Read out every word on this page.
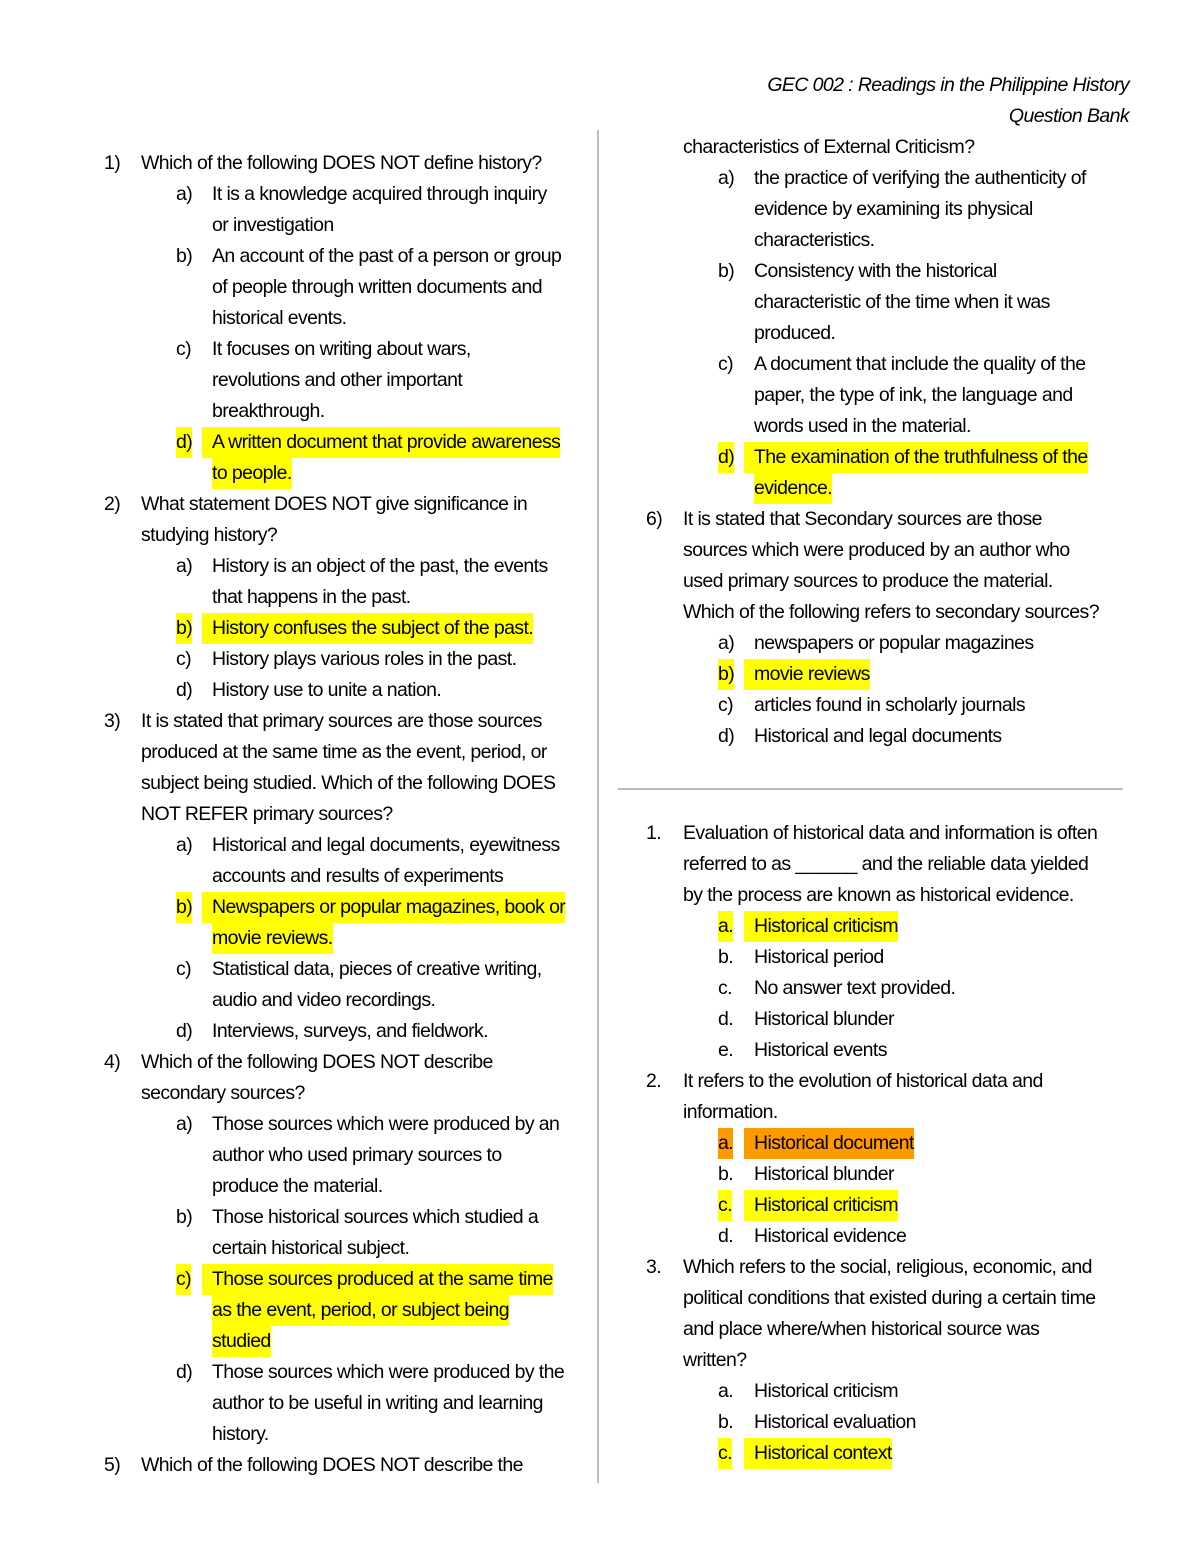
GEC 002 : Readings in the Philippine History
Question Bank
1) Which of the following DOES NOT define history?
a) It is a knowledge acquired through inquiry
or investigation
b) An account of the past of a person or group
of people through written documents and
historical events.
c) It focuses on writing about wars,
revolutions and other important
breakthrough.
d)	A written document that provide awareness
to people.
2) What statement DOES NOT give significance in
studying history?
a) History is an object of the past, the events
that happens in the past.
b)	History confuses the subject of the past.
c) History plays various roles in the past.
d) History use to unite a nation.
3) It is stated that primary sources are those sources
produced at the same time as the event, period, or
subject being studied. Which of the following DOES
NOT REFER primary sources?
a) Historical and legal documents, eyewitness
accounts and results of experiments
b)	Newspapers or popular magazines, book or
movie reviews.
c) Statistical data, pieces of creative writing,
audio and video recordings.
d) Interviews, surveys, and fieldwork.
4) Which of the following DOES NOT describe
secondary sources?
a) Those sources which were produced by an
author who used primary sources to
produce the material.
b) Those historical sources which studied a
certain historical subject.
c)	Those sources produced at the same time
as the event, period, or subject being
studied
d) Those sources which were produced by the
author to be useful in writing and learning
history.
5) Which of the following DOES NOT describe the
characteristics of External Criticism?
a) the practice of verifying the authenticity of
evidence by examining its physical
characteristics.
b) Consistency with the historical
characteristic of the time when it was
produced.
c) A document that include the quality of the
paper, the type of ink, the language and
words used in the material.
d)	The examination of the truthfulness of the
evidence.
6) It is stated that Secondary sources are those
sources which were produced by an author who
used primary sources to produce the material.
Which of the following refers to secondary sources?
a) newspapers or popular magazines
b)	movie reviews
c) articles found in scholarly journals
d) Historical and legal documents
1. Evaluation of historical data and information is often
referred to as ______ and the reliable data yielded
by the process are known as historical evidence.
a.	Historical criticism
b. Historical period
c. No answer text provided.
d. Historical blunder
e. Historical events
2. It refers to the evolution of historical data and
information.
a.	Historical document
b. Historical blunder
c.	Historical criticism
d. Historical evidence
3. Which refers to the social, religious, economic, and
political conditions that existed during a certain time
and place where/when historical source was
written?
a. Historical criticism
b. Historical evaluation
c.	Historical context
